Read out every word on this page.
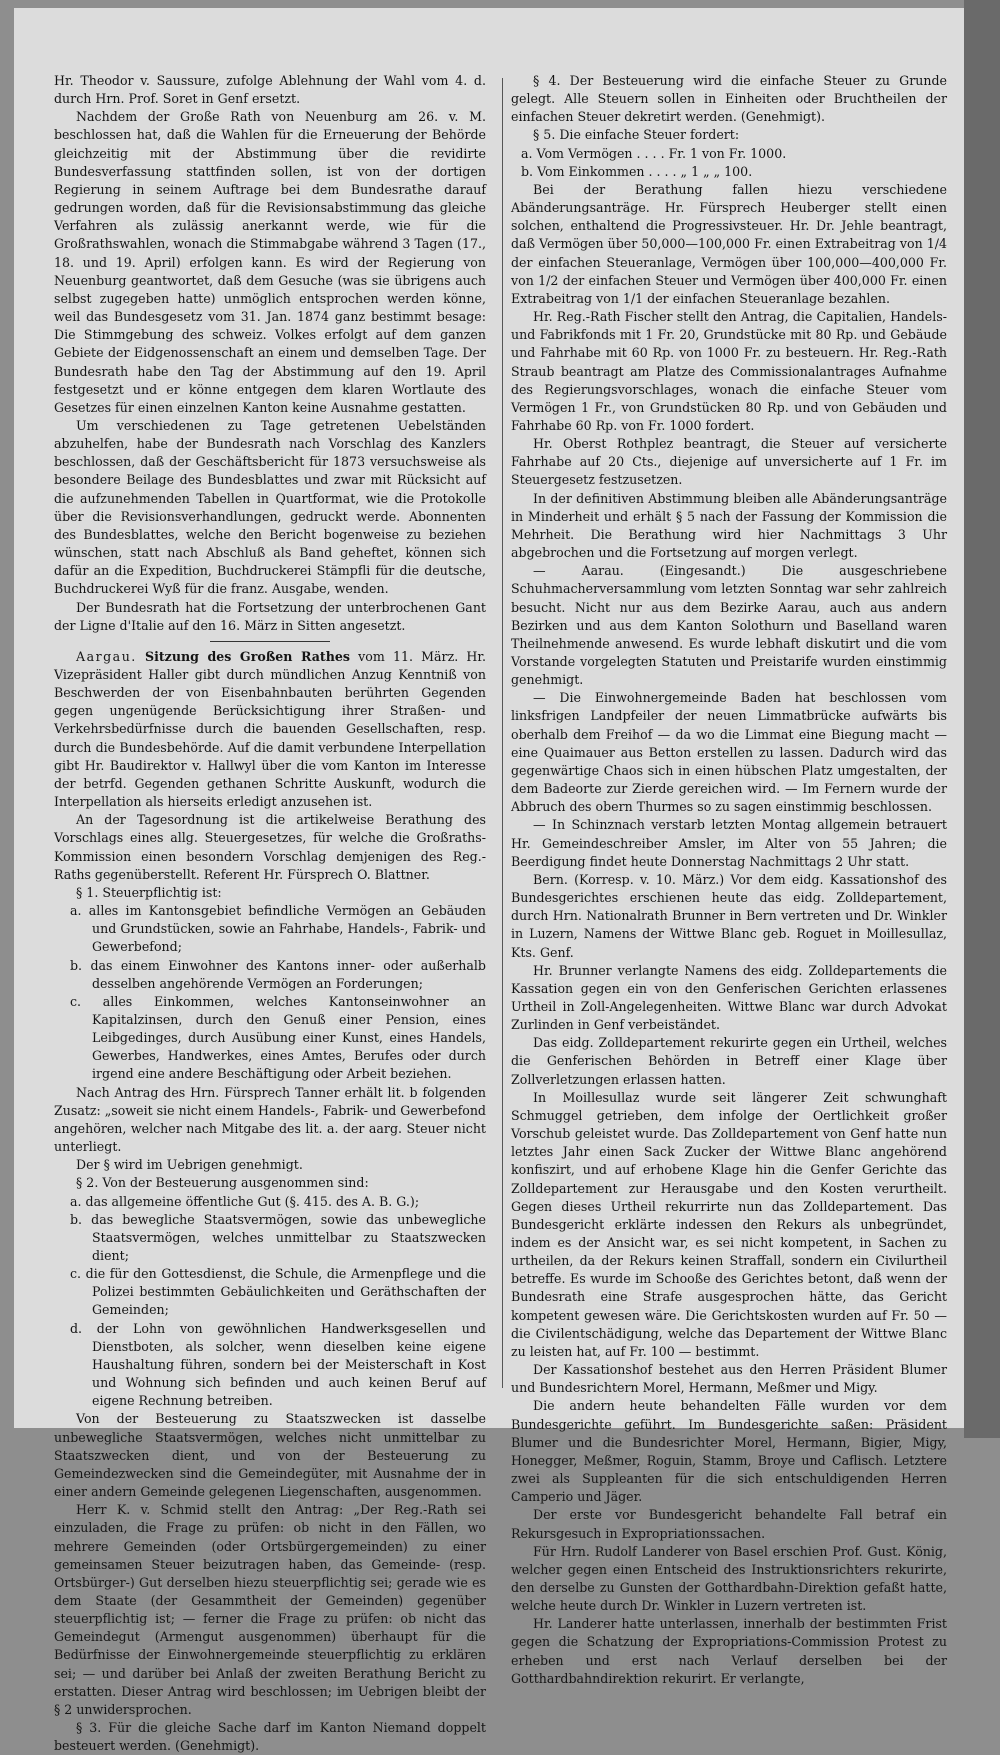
Hr. Theodor v. Saussure, zufolge Ablehnung der Wahl vom 4. d. durch Hrn. Prof. Soret in Genf ersetzt.

Nachdem der Große Rath von Neuenburg am 26. v. M. beschlossen hat, daß die Wahlen für die Erneuerung der Behörde gleichzeitig mit der Abstimmung über die revidirte Bundesverfassung stattfinden sollen, ist von der dortigen Regierung in seinem Auftrage bei dem Bundesrathe darauf gedrungen worden, daß für die Revisionsabstimmung das gleiche Verfahren als zulässig anerkannt werde, wie für die Großrathswahlen, wonach die Stimmabgabe während 3 Tagen (17., 18. und 19. April) erfolgen kann. Es wird der Regierung von Neuenburg geantwortet, daß dem Gesuche (was sie übrigens auch selbst zugegeben hatte) unmöglich entsprochen werden könne, weil das Bundesgesetz vom 31. Jan. 1874 ganz bestimmt besage: Die Stimmgebung des schweiz. Volkes erfolgt auf dem ganzen Gebiete der Eidgenossenschaft an einem und demselben Tage. Der Bundesrath habe den Tag der Abstimmung auf den 19. April festgesetzt und er könne entgegen dem klaren Wortlaute des Gesetzes für einen einzelnen Kanton keine Ausnahme gestatten.

Um verschiedenen zu Tage getretenen Uebelständen abzuhelfen, habe der Bundesrath nach Vorschlag des Kanzlers beschlossen, daß der Geschäftsbericht für 1873 versuchsweise als besondere Beilage des Bundesblattes und zwar mit Rücksicht auf die aufzunehmenden Tabellen in Quartformat, wie die Protokolle über die Revisionsverhandlungen, gedruckt werde. Abonnenten des Bundesblattes, welche den Bericht bogenweise zu beziehen wünschen, statt nach Abschluß als Band geheftet, können sich dafür an die Expedition, Buchdruckerei Stämpfli für die deutsche, Buchdruckerei Wyß für die franz. Ausgabe, wenden.

Der Bundesrath hat die Fortsetzung der unterbrochenen Gant der Ligne d'Italie auf den 16. März in Sitten angesetzt.

Aargau. Sitzung des Großen Rathes vom 11. März. Hr. Vizepräsident Haller gibt durch mündlichen Anzug Kenntniß von Beschwerden der von Eisenbahnbauten berührten Gegenden gegen ungenügende Berücksichtigung ihrer Straßen- und Verkehrsbedürfnisse durch die bauenden Gesellschaften, resp. durch die Bundesbehörde. Auf die damit verbundene Interpellation gibt Hr. Baudirektor v. Hallwyl über die vom Kanton im Interesse der betrfd. Gegenden gethanen Schritte Auskunft, wodurch die Interpellation als hierseits erledigt anzusehen ist.

An der Tagesordnung ist die artikelweise Berathung des Vorschlags eines allg. Steuergesetzes, für welche die Großraths-Kommission einen besondern Vorschlag demjenigen des Reg.-Raths gegenüberstellt. Referent Hr. Fürsprech O. Blattner.

§ 1. Steuerpflichtig ist:

a. alles im Kantonsgebiet befindliche Vermögen an Gebäuden und Grundstücken, sowie an Fahrhabe, Handels-, Fabrik- und Gewerbefond;

b. das einem Einwohner des Kantons inner- oder außerhalb desselben angehörende Vermögen an Forderungen;

c. alles Einkommen, welches Kantonseinwohner an Kapitalzinsen, durch den Genuß einer Pension, eines Leibgedinges, durch Ausübung einer Kunst, eines Handels, Gewerbes, Handwerkes, eines Amtes, Berufes oder durch irgend eine andere Beschäftigung oder Arbeit beziehen.

Nach Antrag des Hrn. Fürsprech Tanner erhält lit. b folgenden Zusatz: „soweit sie nicht einem Handels-, Fabrik- und Gewerbefond angehören, welcher nach Mitgabe des lit. a. der aarg. Steuer nicht unterliegt.

Der § wird im Uebrigen genehmigt.

§ 2. Von der Besteuerung ausgenommen sind:

a. das allgemeine öffentliche Gut (§. 415. des A. B. G.);

b. das bewegliche Staatsvermögen, sowie das unbewegliche Staatsvermögen, welches unmittelbar zu Staatszwecken dient;

c. die für den Gottesdienst, die Schule, die Armenpflege und die Polizei bestimmten Gebäulichkeiten und Geräthschaften der Gemeinden;

d. der Lohn von gewöhnlichen Handwerksgesellen und Dienstboten, als solcher, wenn dieselben keine eigene Haushaltung führen, sondern bei der Meisterschaft in Kost und Wohnung sich befinden und auch keinen Beruf auf eigene Rechnung betreiben.

Von der Besteuerung zu Staatszwecken ist dasselbe unbewegliche Staatsvermögen, welches nicht unmittelbar zu Staatszwecken dient, und von der Besteuerung zu Gemeindezwecken sind die Gemeindegüter, mit Ausnahme der in einer andern Gemeinde gelegenen Liegenschaften, ausgenommen.

Herr K. v. Schmid stellt den Antrag: „Der Reg.-Rath sei einzuladen, die Frage zu prüfen: ob nicht in den Fällen, wo mehrere Gemeinden (oder Ortsbürgergemeinden) zu einer gemeinsamen Steuer beizutragen haben, das Gemeinde- (resp. Ortsbürger-) Gut derselben hiezu steuerpflichtig sei; gerade wie es dem Staate (der Gesammtheit der Gemeinden) gegenüber steuerpflichtig ist; — ferner die Frage zu prüfen: ob nicht das Gemeindegut (Armengut ausgenommen) überhaupt für die Bedürfnisse der Einwohnergemeinde steuerpflichtig zu erklären sei; — und darüber bei Anlaß der zweiten Berathung Bericht zu erstatten. Dieser Antrag wird beschlossen; im Uebrigen bleibt der § 2 unwidersprochen.

§ 3. Für die gleiche Sache darf im Kanton Niemand doppelt besteuert werden. (Genehmigt).

§ 4. Der Besteuerung wird die einfache Steuer zu Grunde gelegt. Alle Steuern sollen in Einheiten oder Bruchtheilen der einfachen Steuer dekretirt werden. (Genehmigt).

§ 5. Die einfache Steuer fordert:

a. Vom Vermögen . . . . Fr. 1 von Fr. 1000.

b. Vom Einkommen . . . . „ 1 „ „ 100.

Bei der Berathung fallen hiezu verschiedene Abänderungsanträge. Hr. Fürsprech Heuberger stellt einen solchen, enthaltend die Progressivsteuer. Hr. Dr. Jehle beantragt, daß Vermögen über 50,000—100,000 Fr. einen Extrabeitrag von 1/4 der einfachen Steueranlage, Vermögen über 100,000—400,000 Fr. von 1/2 der einfachen Steuer und Vermögen über 400,000 Fr. einen Extrabeitrag von 1/1 der einfachen Steueranlage bezahlen.

Hr. Reg.-Rath Fischer stellt den Antrag, die Capitalien, Handels- und Fabrikfonds mit 1 Fr. 20, Grundstücke mit 80 Rp. und Gebäude und Fahrhabe mit 60 Rp. von 1000 Fr. zu besteuern. Hr. Reg.-Rath Straub beantragt am Platze des Commissionalantrages Aufnahme des Regierungsvorschlages, wonach die einfache Steuer vom Vermögen 1 Fr., von Grundstücken 80 Rp. und von Gebäuden und Fahrhabe 60 Rp. von Fr. 1000 fordert.

Hr. Oberst Rothplez beantragt, die Steuer auf versicherte Fahrhabe auf 20 Cts., diejenige auf unversicherte auf 1 Fr. im Steuergesetz festzusetzen.

In der definitiven Abstimmung bleiben alle Abänderungsanträge in Minderheit und erhält § 5 nach der Fassung der Kommission die Mehrheit. Die Berathung wird hier Nachmittags 3 Uhr abgebrochen und die Fortsetzung auf morgen verlegt.

— Aarau. (Eingesandt.) Die ausgeschriebene Schuhmacherversammlung vom letzten Sonntag war sehr zahlreich besucht. Nicht nur aus dem Bezirke Aarau, auch aus andern Bezirken und aus dem Kanton Solothurn und Baselland waren Theilnehmende anwesend. Es wurde lebhaft diskutirt und die vom Vorstande vorgelegten Statuten und Preistarife wurden einstimmig genehmigt.

— Die Einwohnergemeinde Baden hat beschlossen vom linksfrigen Landpfeiler der neuen Limmatbrücke aufwärts bis oberhalb dem Freihof — da wo die Limmat eine Biegung macht — eine Quaimauer aus Betton erstellen zu lassen. Dadurch wird das gegenwärtige Chaos sich in einen hübschen Platz umgestalten, der dem Badeorte zur Zierde gereichen wird. — Im Fernern wurde der Abbruch des obern Thurmes so zu sagen einstimmig beschlossen.

— In Schinznach verstarb letzten Montag allgemein betrauert Hr. Gemeindeschreiber Amsler, im Alter von 55 Jahren; die Beerdigung findet heute Donnerstag Nachmittags 2 Uhr statt.

Bern. (Korresp. v. 10. März.) Vor dem eidg. Kassationshof des Bundesgerichtes erschienen heute das eidg. Zolldepartement, durch Hrn. Nationalrath Brunner in Bern vertreten und Dr. Winkler in Luzern, Namens der Wittwe Blanc geb. Roguet in Moillesullaz, Kts. Genf.

Hr. Brunner verlangte Namens des eidg. Zolldepartements die Kassation gegen ein von den Genferischen Gerichten erlassenes Urtheil in Zoll-Angelegenheiten. Wittwe Blanc war durch Advokat Zurlinden in Genf verbeiständet.

Das eidg. Zolldepartement rekurirte gegen ein Urtheil, welches die Genferischen Behörden in Betreff einer Klage über Zollverletzungen erlassen hatten.

In Moillesullaz wurde seit längerer Zeit schwunghaft Schmuggel getrieben, dem infolge der Oertlichkeit großer Vorschub geleistet wurde. Das Zolldepartement von Genf hatte nun letztes Jahr einen Sack Zucker der Wittwe Blanc angehörend konfiszirt, und auf erhobene Klage hin die Genfer Gerichte das Zolldepartement zur Herausgabe und den Kosten verurtheilt. Gegen dieses Urtheil rekurrirte nun das Zolldepartement. Das Bundesgericht erklärte indessen den Rekurs als unbegründet, indem es der Ansicht war, es sei nicht kompetent, in Sachen zu urtheilen, da der Rekurs keinen Straffall, sondern ein Civilurtheil betreffe. Es wurde im Schooße des Gerichtes betont, daß wenn der Bundesrath eine Strafe ausgesprochen hätte, das Gericht kompetent gewesen wäre. Die Gerichtskosten wurden auf Fr. 50 — die Civilentschädigung, welche das Departement der Wittwe Blanc zu leisten hat, auf Fr. 100 — bestimmt.

Der Kassationshof bestehet aus den Herren Präsident Blumer und Bundesrichtern Morel, Hermann, Meßmer und Migy.

Die andern heute behandelten Fälle wurden vor dem Bundesgerichte geführt. Im Bundesgerichte saßen: Präsident Blumer und die Bundesrichter Morel, Hermann, Bigier, Migy, Honegger, Meßmer, Roguin, Stamm, Broye und Caflisch. Letztere zwei als Suppleanten für die sich entschuldigenden Herren Camperio und Jäger.

Der erste vor Bundesgericht behandelte Fall betraf ein Rekursgesuch in Expropriationssachen.

Für Hrn. Rudolf Landerer von Basel erschien Prof. Gust. König, welcher gegen einen Entscheid des Instruktionsrichters rekurirte, den derselbe zu Gunsten der Gotthardbahn-Direktion gefaßt hatte, welche heute durch Dr. Winkler in Luzern vertreten ist.

Hr. Landerer hatte unterlassen, innerhalb der bestimmten Frist gegen die Schatzung der Expropriations-Commission Protest zu erheben und erst nach Verlauf derselben bei der Gotthardbahndirektion rekurirt. Er verlangte,
